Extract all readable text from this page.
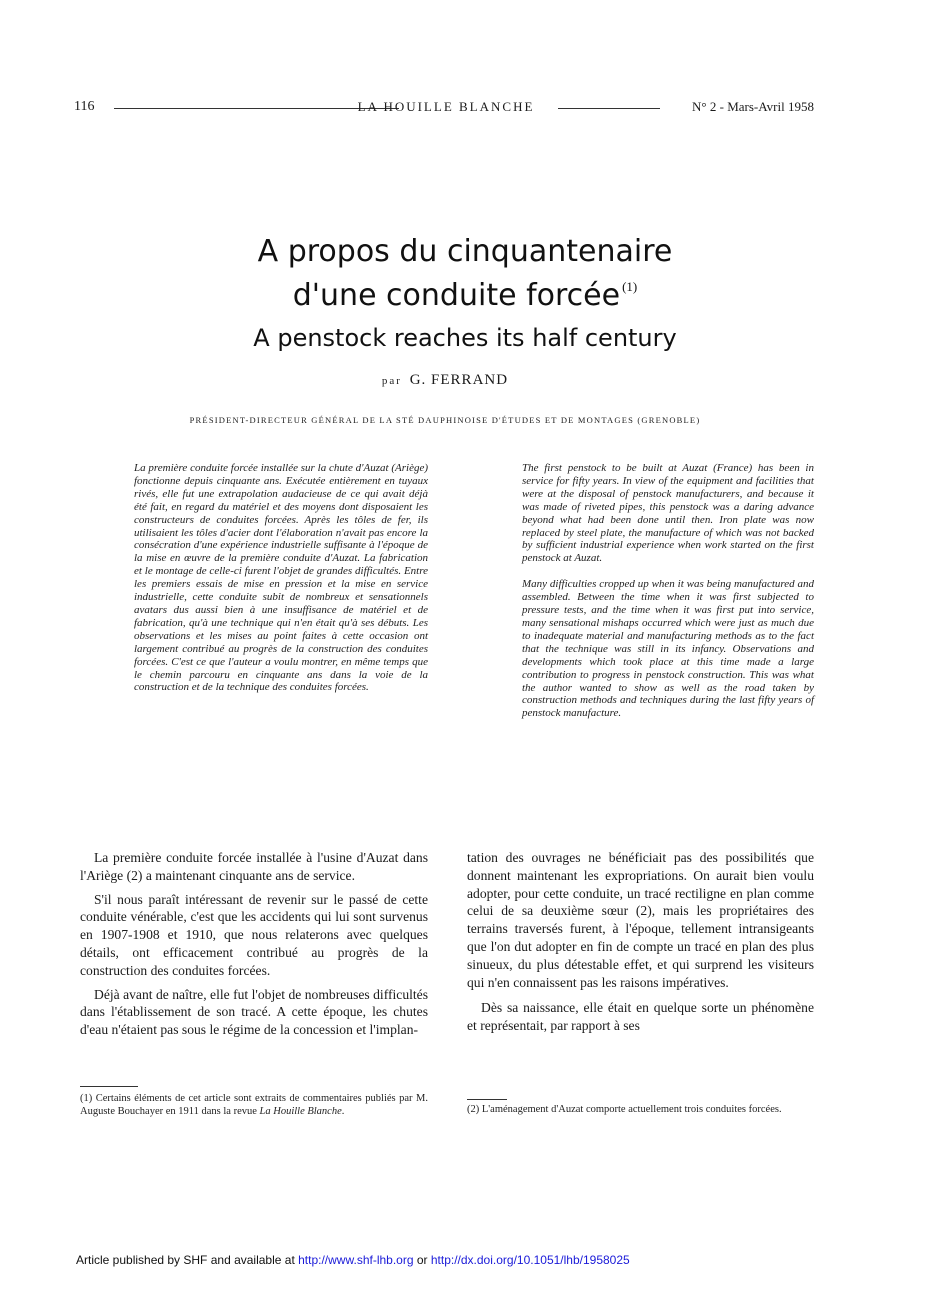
116	LA HOUILLE BLANCHE	N° 2 - Mars-Avril 1958
A propos du cinquantenaire
d'une conduite forcée $^{(1)}$
A penstock reaches its half century
par G. FERRAND
PRÉSIDENT-DIRECTEUR GÉNÉRAL DE LA STÉ DAUPHINOISE D'ÉTUDES ET DE MONTAGES (GRENOBLE)

La première conduite forcée installée sur la chute d'Auzat (Ariège) fonctionne depuis cinquante ans. Exécutée entièrement en tuyaux rivés, elle fut une extrapolation audacieuse de ce qui avait déjà été fait, en regard du matériel et des moyens dont disposaient les constructeurs de conduites forcées. Après les tôles de fer, ils utilisaient les tôles d'acier dont l'élaboration n'avait pas encore la consécration d'une expérience industrielle suffisante à l'époque de la mise en œuvre de la première conduite d'Auzat. La fabrication et le montage de celle-ci furent l'objet de grandes difficultés. Entre les premiers essais de mise en pression et la mise en service industrielle, cette conduite subit de nombreux et sensationnels avatars dus aussi bien à une insuffisance de matériel et de fabrication, qu'à une technique qui n'en était qu'à ses débuts. Les observations et les mises au point faites à cette occasion ont largement contribué au progrès de la construction des conduites forcées. C'est ce que l'auteur a voulu montrer, en même temps que le chemin parcouru en cinquante ans dans la voie de la construction et de la technique des conduites forcées.

The first penstock to be built at Auzat (France) has been in service for fifty years. In view of the equipment and facilities that were at the disposal of penstock manufacturers, and because it was made of riveted pipes, this penstock was a daring advance beyond what had been done until then. Iron plate was now replaced by steel plate, the manufacture of which was not backed by sufficient industrial experience when work started on the first penstock at Auzat.

Many difficulties cropped up when it was being manufactured and assembled. Between the time when it was first subjected to pressure tests, and the time when it was first put into service, many sensational mishaps occurred which were just as much due to inadequate material and manufacturing methods as to the fact that the technique was still in its infancy. Observations and developments which took place at this time made a large contribution to progress in penstock construction. This was what the author wanted to show as well as the road taken by construction methods and techniques during the last fifty years of penstock manufacture.

La première conduite forcée installée à l'usine d'Auzat dans l'Ariège (2) a maintenant cinquante ans de service.

S'il nous paraît intéressant de revenir sur le passé de cette conduite vénérable, c'est que les accidents qui lui sont survenus en 1907-1908 et 1910, que nous relaterons avec quelques détails, ont efficacement contribué au progrès de la construction des conduites forcées.

Déjà avant de naître, elle fut l'objet de nombreuses difficultés dans l'établissement de son tracé. A cette époque, les chutes d'eau n'étaient pas sous le régime de la concession et l'implan-

tation des ouvrages ne bénéficiait pas des possibilités que donnent maintenant les expropriations. On aurait bien voulu adopter, pour cette conduite, un tracé rectiligne en plan comme celui de sa deuxième sœur (2), mais les propriétaires des terrains traversés furent, à l'époque, tellement intransigeants que l'on dut adopter en fin de compte un tracé en plan des plus sinueux, du plus détestable effet, et qui surprend les visiteurs qui n'en connaissent pas les raisons impératives.

Dès sa naissance, elle était en quelque sorte un phénomène et représentait, par rapport à ses

(1) Certains éléments de cet article sont extraits de commentaires publiés par M. Auguste Bouchayer en 1911 dans la revue La Houille Blanche.	(2) L'aménagement d'Auzat comporte actuellement trois conduites forcées.
Article published by SHF and available at http://www.shf-lhb.org or http://dx.doi.org/10.1051/lhb/1958025
